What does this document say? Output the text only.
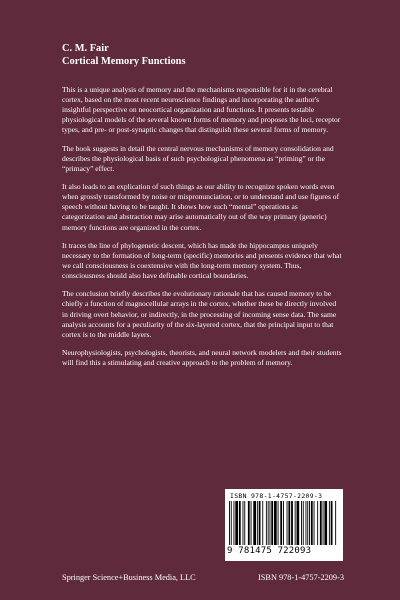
C. M. Fair

Cortical Memory Functions

This is a unique analysis of memory and the mechanisms responsible for it in the cerebral cortex, based on the most recent neuroscience findings and incorporating the author's insightful perspective on neocortical organization and functions. It presents testable physiological models of the several known forms of memory and proposes the loci, receptor types, and pre- or post-synaptic changes that distinguish these several forms of memory.

The book suggests in detail the central nervous mechanisms of memory consolidation and describes the physiological basis of such psychological phenomena as “priming” or the “primacy” effect.

It also leads to an explication of such things as our ability to recognize spoken words even when grossly transformed by noise or mispronunciation, or to understand and use figures of speech without having to be taught. It shows how such “mental” operations as categorization and abstraction may arise automatically out of the way primary (generic) memory functions are organized in the cortex.

It traces the line of phylogenetic descent, which has made the hippocampus uniquely necessary to the formation of long-term (specific) memories and presents evidence that what we call consciousness is coextensive with the long-term memory system. Thus, consciousness should also have definable cortical boundaries.

The conclusion briefly describes the evolutionary rationale that has caused memory to be chiefly a function of magnocellular arrays in the cortex, whether these be directly involved in driving overt behavior, or indirectly, in the processing of incoming sense data. The same analysis accounts for a peculiarity of the six-layered cortex, that the principal input to that cortex is to the middle layers.

Neurophysiologists, psychologists, theorists, and neural network modelers and their students will find this a stimulating and creative approach to the problem of memory.

ISBN 978-1-4757-2209-3
9 781475 722093
Springer Science+Business Media, LLC	ISBN 978-1-4757-2209-3
